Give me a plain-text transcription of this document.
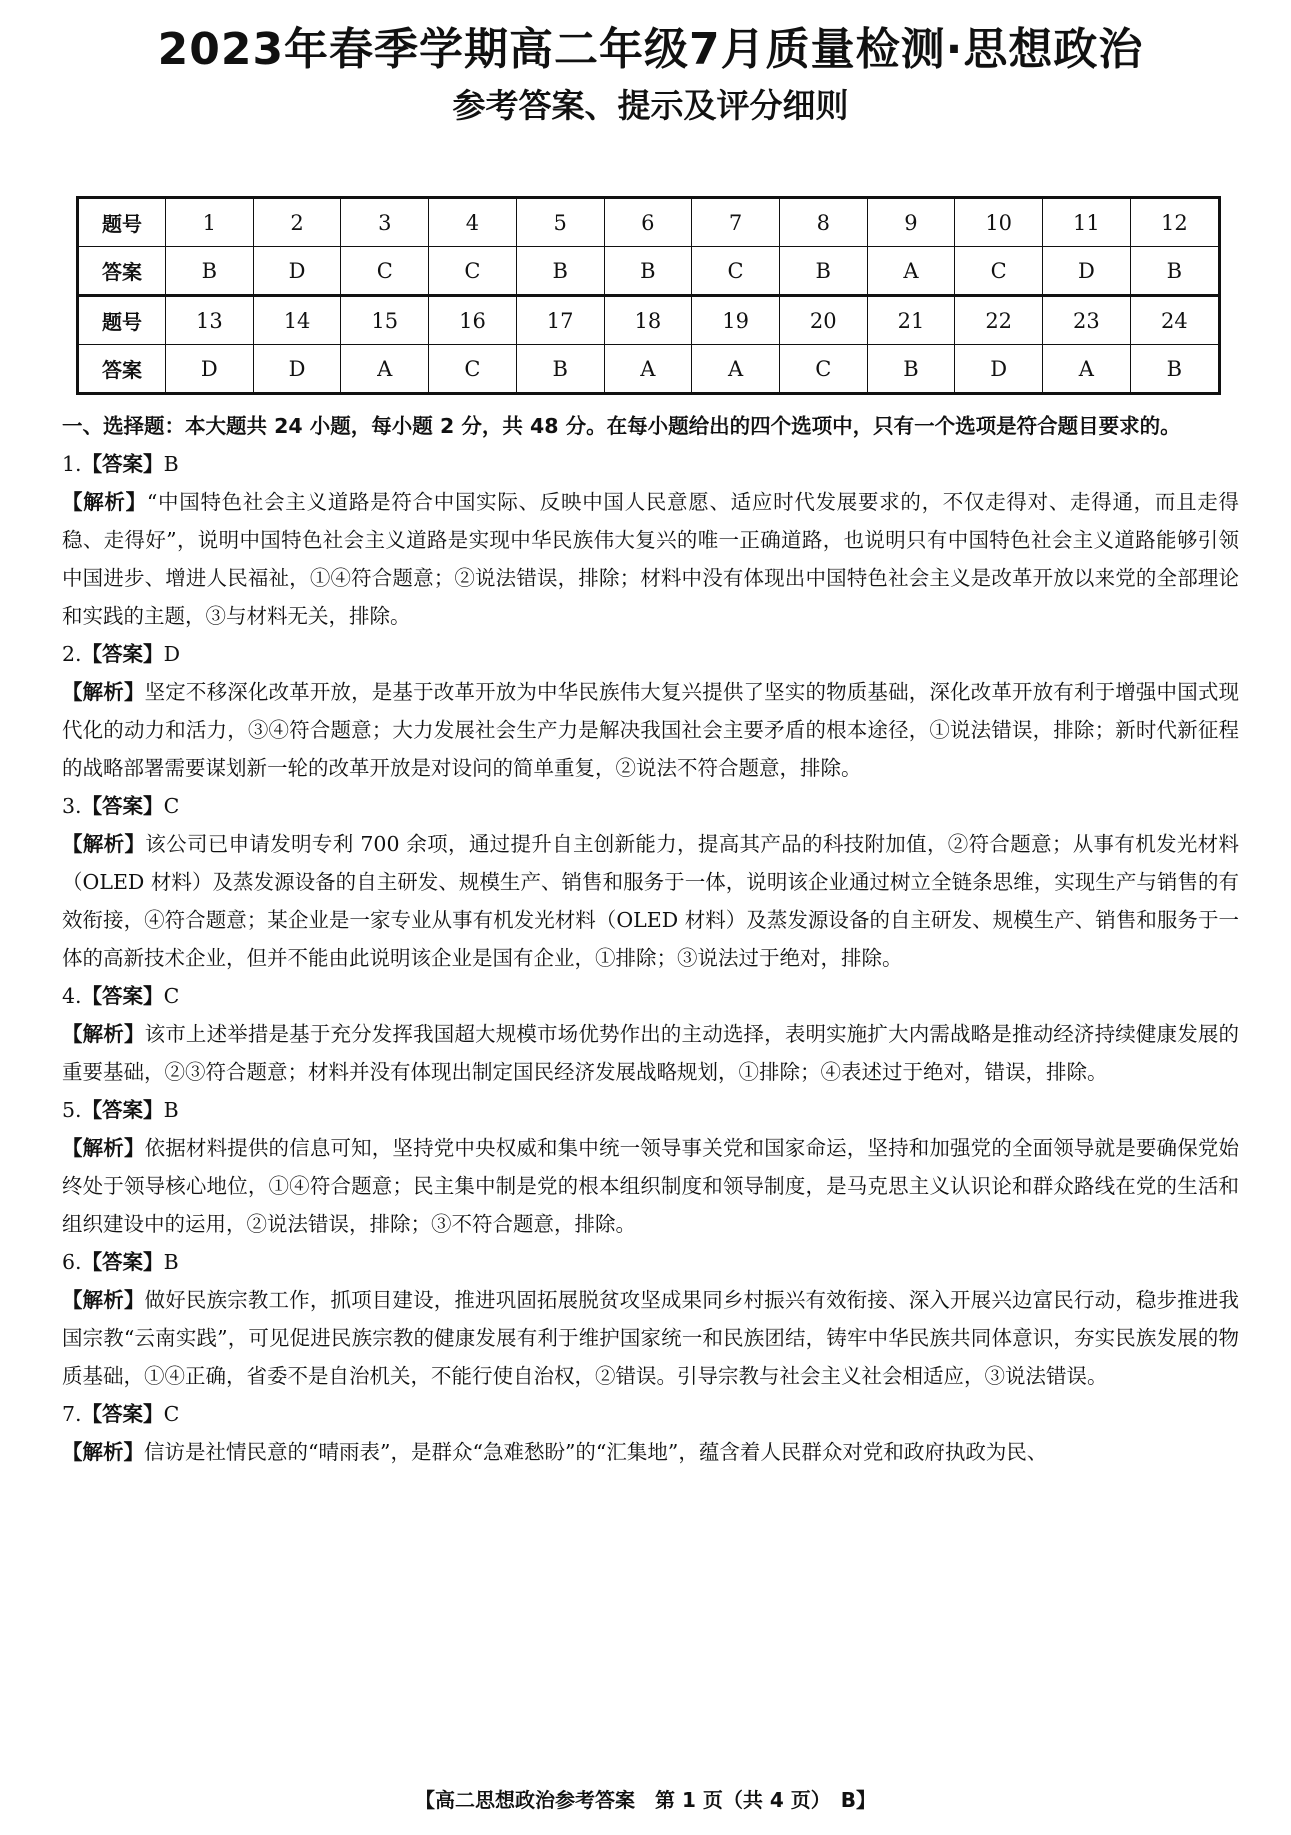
2023年春季学期高二年级7月质量检测·思想政治
参考答案、提示及评分细则
题号	1	2	3	4	5	6	7	8	9	10	11	12
答案	B	D	C	C	B	B	C	B	A	C	D	B
题号	13	14	15	16	17	18	19	20	21	22	23	24
答案	D	D	A	C	B	A	A	C	B	D	A	B

一、选择题：本大题共 24 小题，每小题 2 分，共 48 分。在每小题给出的四个选项中，只有一个选项是符合题目要求的。

1.【答案】B

【解析】“中国特色社会主义道路是符合中国实际、反映中国人民意愿、适应时代发展要求的，不仅走得对、走得通，而且走得稳、走得好”，说明中国特色社会主义道路是实现中华民族伟大复兴的唯一正确道路，也说明只有中国特色社会主义道路能够引领中国进步、增进人民福祉，①④符合题意；②说法错误，排除；材料中没有体现出中国特色社会主义是改革开放以来党的全部理论和实践的主题，③与材料无关，排除。

2.【答案】D

【解析】坚定不移深化改革开放，是基于改革开放为中华民族伟大复兴提供了坚实的物质基础，深化改革开放有利于增强中国式现代化的动力和活力，③④符合题意；大力发展社会生产力是解决我国社会主要矛盾的根本途径，①说法错误，排除；新时代新征程的战略部署需要谋划新一轮的改革开放是对设问的简单重复，②说法不符合题意，排除。

3.【答案】C

【解析】该公司已申请发明专利 700 余项，通过提升自主创新能力，提高其产品的科技附加值，②符合题意；从事有机发光材料（OLED 材料）及蒸发源设备的自主研发、规模生产、销售和服务于一体，说明该企业通过树立全链条思维，实现生产与销售的有效衔接，④符合题意；某企业是一家专业从事有机发光材料（OLED 材料）及蒸发源设备的自主研发、规模生产、销售和服务于一体的高新技术企业，但并不能由此说明该企业是国有企业，①排除；③说法过于绝对，排除。

4.【答案】C

【解析】该市上述举措是基于充分发挥我国超大规模市场优势作出的主动选择，表明实施扩大内需战略是推动经济持续健康发展的重要基础，②③符合题意；材料并没有体现出制定国民经济发展战略规划，①排除；④表述过于绝对，错误，排除。

5.【答案】B

【解析】依据材料提供的信息可知，坚持党中央权威和集中统一领导事关党和国家命运，坚持和加强党的全面领导就是要确保党始终处于领导核心地位，①④符合题意；民主集中制是党的根本组织制度和领导制度，是马克思主义认识论和群众路线在党的生活和组织建设中的运用，②说法错误，排除；③不符合题意，排除。

6.【答案】B

【解析】做好民族宗教工作，抓项目建设，推进巩固拓展脱贫攻坚成果同乡村振兴有效衔接、深入开展兴边富民行动，稳步推进我国宗教“云南实践”，可见促进民族宗教的健康发展有利于维护国家统一和民族团结，铸牢中华民族共同体意识，夯实民族发展的物质基础，①④正确，省委不是自治机关，不能行使自治权，②错误。引导宗教与社会主义社会相适应，③说法错误。

7.【答案】C

【解析】信访是社情民意的“晴雨表”，是群众“急难愁盼”的“汇集地”，蕴含着人民群众对党和政府执政为民、

【高二思想政治参考答案　第 1 页（共 4 页）　B】
